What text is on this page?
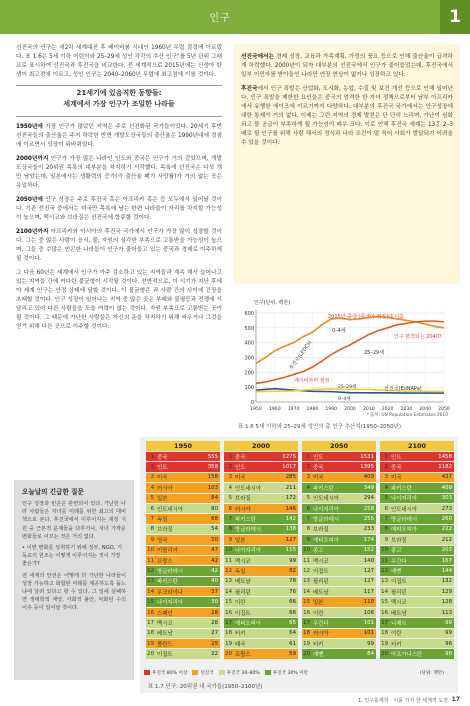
인구	1

선진국의 인구는 세2차 세계대전 후 베이비붐 시대인 1960년 무렵 절정에 이르렀다. 표 1.6은 5세 이하 어린이와 25–29세 성인 각각의 추산 인구"를 5년 단위 그래프로 표시하여 선진국과 후진국을 비교한다. 전 세계적으로 2015년에는 신생아 탄생이 최고점에 이르고, 성인 인구는 2040–2060년 무렵에 최고점에 이를 것이다.

21세기에 있음직한 동향들:
세계에서 가장 인구가 조밀한 나라들

1950년에 가장 인구가 많았던 지역은 주로 선진화된 국가들이었다. 20세기 후반 선진국들의 출산율은 주저 하락한 반면 개발도상국들의 출산율은 1990년대에 정점에 이르면서 성장이 뒤바뀌었다.

2000년까지 인구가 가장 많은 나라인 인도와 중국은 인구가 거의 같았으며, 개발도상국들이 20위권 목록의 대부분을 차지하기 시작했다. 목록에 선진국은 다섯 개만 남았는데, 일본에서는 생활력의 증가(즉 출산율 폐기 사망률)가 거의 없는 곳은 유일하다.

2050년에 인구 성장은 주로 후진국 혹은 아프리카 혹은 등 모두에서 일어날 것이다. 기존 선진국 중에서는 미국만 목록에 남는 한편 나라들이 자리를 차지할 가능성이 높으며, 멕시코와 브라질은 선진국에 합류할 것이다.

2100년까지 아프리카와 아시아의 후진국 국가에서 인구가 가장 많이 성장할 것이다. 그는 중 많은 사람이 음식, 물, 자원의 심각한 부족으로 고통받을 가능성이 높으며, 그들 중 수많은 빈곤한 나라들이 인구가 줄어들고 있는 중국과 경제로 이주하게 될 것이다.

그 다음 60년은 세계에서 인구가 아주 감소하고 있는 지역들과 계속 해서 늘어나고 있는 지역들 간에 커다란 불균형이 시작될 것이다. 전반적으로, 이 시기가 지난 후에야 세계 인구는 안정 상태에 달할 것이다. 이 불균형은 과 사람 간의 사이에 긴장을 초래할 것이다. 인구 성장이 일어나는 지역 중 많은 곳은 부패와 불평등과 전쟁에 시달리고 있어 다른 사람들을 도울 여력이 없는 것이다. 자원 부족으로 고통받는 곳이 될 것이다. 그 때문에 가난한 사람들은 자신의 운을 차지하기 위해 싸우거나 그것을 얻기 위해 다른 곳으로 이주할 것이다.

선진국에서는 경제 성장, 교육과 가족계획, 가정의 풍요 등으로 인해 출산율이 급격하게 하락했다. 2000년이 되자 대부분의 선진국에서 인구가 줄어들었는데, 후진국에서 일부 이민자를 받아들인 나라만 연장 현상이 없거나 성장하고 있다.

후진국에서 인구 폭발은 산업화, 도시화, 농업, 수질 및 보건 개선 등으로 인해 일어난다. 인구 폭발을 제한한 요인들은 중국의 엄격한 한 자녀 정책으로부터 남부 아프리카에서 유행한 에이즈에 이르기까지 다양하다. 대부분의 후진국 국가에서는 인구성장에 대한 통제가 거의 없다. 이제는 그런 지역의 경제 발전은 단 단히 느리며, 가난이 심화되고 물 공급이 부족하게 될 가능성이 매우 크다. 이로 인해 후진국 세계는 13홍 2–3배로 될 인구를 위해 사람 해서의 정식과 나라 조건이 말 적어 사회가 발달되기 어려울 수 있을 것이다.

인구(단위: 백만)
0
100
200
300
400
500
600
1950 1960 1970 1980 1990 2000 2010 2020 2030 2040 2050
2015년 출생 (출생아 정점)에 이름
인구 평정되는 2040?
0–4세
25–29세
후진국(LEDCs)
베이비부머 절정
선진국(EuNAPa)
25–29세
0–4세
* 출처: UN Population Estimates 2010
표 1.6 5세 이하와 25–29세 성인의 총 인구 추산치(1950–2050년)
오늘날의 긴급한 질문

인구 성장과 빈곤은 관련되어 있다. 가난한 나라 사람들은 자녀를 미래를 위한 최고의 대비책으로 본다. 후진국에서 이루어지는 재정 지원 중 근본적 문제들을 다루거나, 자녀 가까운 변화들로 이끄는 것은 거의 없다.

• 이번 변화를 성취하기 위해 정부, NGO, 기독교의 원조는 어떻게 이루어지는 것이 가장 좋은가?

전 세계의 안전은 어떻게 더 가난한 나라들이 성장 가능하고 화합된 미래를 제공하도록 돕느냐에 달려 있다고 할 수 있다. 그 일에 실패하면 생태학적 재앙, 사회적 불안, 악화된 수의 이주 등이 일어날 것이다.

1950
1 중국	555
2 인도	358
3 미국	158
4 러시아	103
5 일본	84
6 인도네시아	80
7 독일	68
8 브라질	54
9 영국	50
10 이탈리아	47
11 프랑스	42
12 방글라데시	42
13 파키스탄	40
14 우크라이나	37
15 나이지리아	30
16 스페인	28
17 멕시코	28
18 베트남	27
19 폴란드	25
20 이집트	22
2000
1 중국	1275
2 인도	1017
3 미국	285
4 인도네시아	211
5 브라질	172
6 러시아	146
7 파키스탄	142
8 방글라데시	138
9 일본	127
10 나이지리아	115
11 멕시코	99
12 독일	82
13 베트남	78
14 필리핀	76
15 이란	66
16 이집트	66
17 에티오피아	65
18 터키	64
19 태국	61
20 프랑스	59
2050
1 인도	1531
2 중국	1395
3 미국	409
4 파키스탄	349
5 인도네시아	294
6 나이지리아	258
7 방글라데시	255
8 브라질	233
9 에티오피아	174
10 콩고	152
11 멕시코	140
12 이집트	127
13 필리핀	127
14 베트남	117
15 일본	110
16 이란	106
17 우간다	101
18 러시아	101
19 터키	99
20 예멘	84
2100
1 인도	1458
2 중국	1182
3 미국	437
4 파키스탄	409
5 나이지리아	303
6 인도네시아	273
7 방글라데시	260
8 에티오피아	222
9 브라질	212
10 콩고	203
11 우간다	167
12 예멘	144
13 이집트	132
14 필리핀	129
15 멕시코	128
16 베트남	113
17 니제르	99
18 이란	99
19 터키	96
20 아프가니스탄	90
후진국 80% 이상	선진국	후진국 30–80%	후진국 30% 미만	(단위: 백만)
표 1.7 인구: 20위권 내 국가들(1950–2100년)
1. 인구통계학 · 이룰 가지 한 세계적 도전 17
